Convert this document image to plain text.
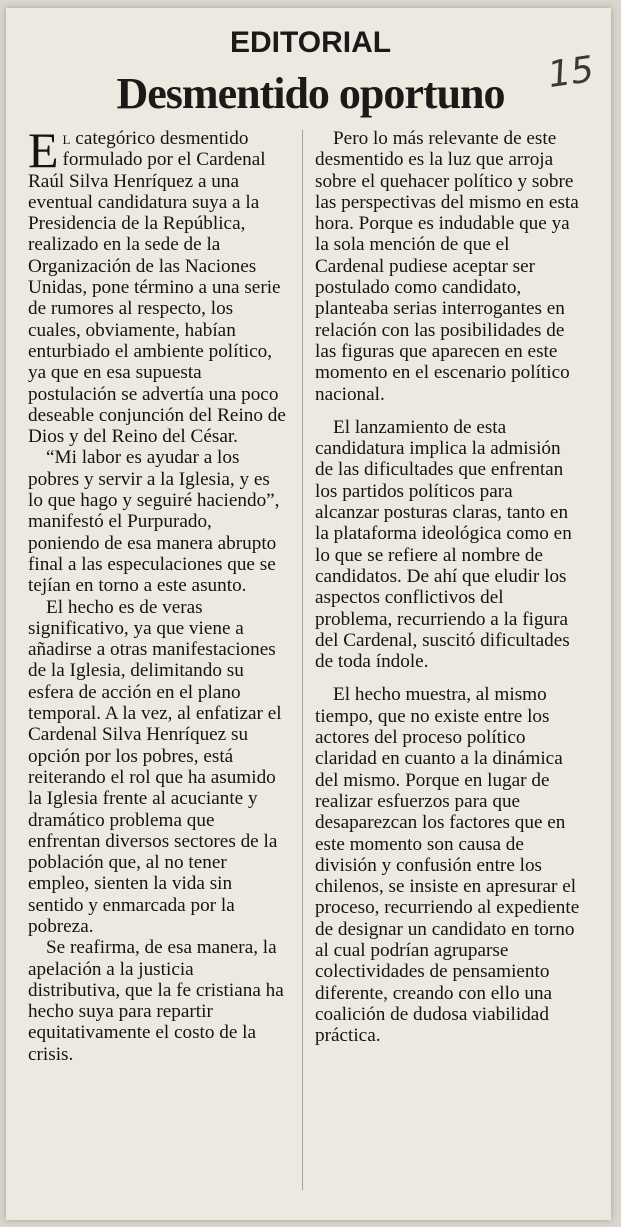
EDITORIAL
Desmentido oportuno	15

El categórico desmentido formulado por el Cardenal Raúl Silva Henríquez a una eventual candidatura suya a la Presidencia de la República, realizado en la sede de la Organización de las Naciones Unidas, pone término a una serie de rumores al respecto, los cuales, obviamente, habían enturbiado el ambiente político, ya que en esa supuesta postulación se advertía una poco deseable conjunción del Reino de Dios y del Reino del César.

“Mi labor es ayudar a los pobres y servir a la Iglesia, y es lo que hago y seguiré haciendo”, manifestó el Purpurado, poniendo de esa manera abrupto final a las especulaciones que se tejían en torno a este asunto.

El hecho es de veras significativo, ya que viene a añadirse a otras manifestaciones de la Iglesia, delimitando su esfera de acción en el plano temporal. A la vez, al enfatizar el Cardenal Silva Henríquez su opción por los pobres, está reiterando el rol que ha asumido la Iglesia frente al acuciante y dramático problema que enfrentan diversos sectores de la población que, al no tener empleo, sienten la vida sin sentido y enmarcada por la pobreza.

Se reafirma, de esa manera, la apelación a la justicia distributiva, que la fe cristiana ha hecho suya para repartir equitativamente el costo de la crisis.

Pero lo más relevante de este desmentido es la luz que arroja sobre el quehacer político y sobre las perspectivas del mismo en esta hora. Porque es indudable que ya la sola mención de que el Cardenal pudiese aceptar ser postulado como candidato, planteaba serias interrogantes en relación con las posibilidades de las figuras que aparecen en este momento en el escenario político nacional.

El lanzamiento de esta candidatura implica la admisión de las dificultades que enfrentan los partidos políticos para alcanzar posturas claras, tanto en la plataforma ideológica como en lo que se refiere al nombre de candidatos. De ahí que eludir los aspectos conflictivos del problema, recurriendo a la figura del Cardenal, suscitó dificultades de toda índole.

El hecho muestra, al mismo tiempo, que no existe entre los actores del proceso político claridad en cuanto a la dinámica del mismo. Porque en lugar de realizar esfuerzos para que desaparezcan los factores que en este momento son causa de división y confusión entre los chilenos, se insiste en apresurar el proceso, recurriendo al expediente de designar un candidato en torno al cual podrían agruparse colectividades de pensamiento diferente, creando con ello una coalición de dudosa viabilidad práctica.
